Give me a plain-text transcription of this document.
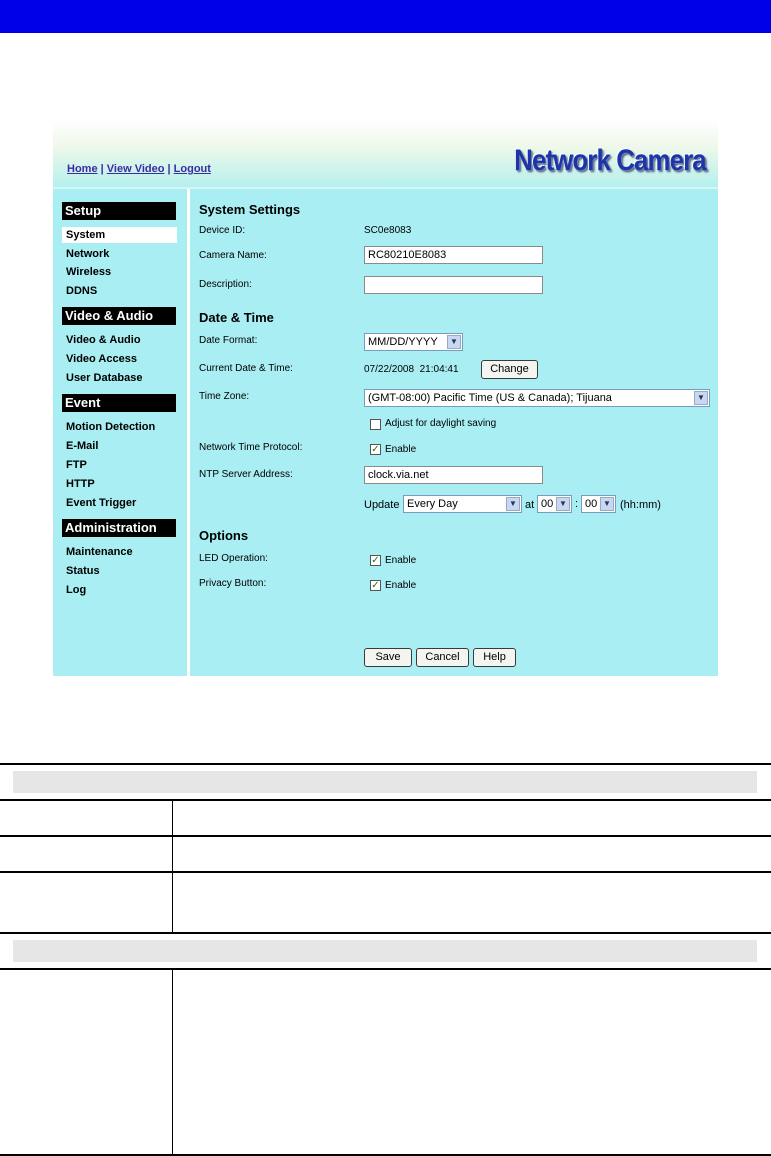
Home | View Video | Logout	Network Camera
Setup
System
Network
Wireless
DDNS
Video & Audio
Video & Audio
Video Access
User Database
Event
Motion Detection
E-Mail
FTP
HTTP
Event Trigger
Administration
Maintenance
Status
Log
System Settings
Device ID:	SC0e8083
Camera Name:	RC80210E8083
Description:
Date & Time
Date Format:	MM/DD/YYYY	▼
Current Date & Time:	07/22/2008  21:04:41	Change
Time Zone:	(GMT-08:00) Pacific Time (US & Canada); Tijuana	▼
Adjust for daylight saving
Network Time Protocol:	✓ Enable
NTP Server Address:	clock.via.net
Update Every Day	▼ at 00 ▼ : 00 ▼ (hh:mm)
Options
LED Operation:	✓ Enable
Privacy Button:	✓ Enable
Save	Cancel	Help
